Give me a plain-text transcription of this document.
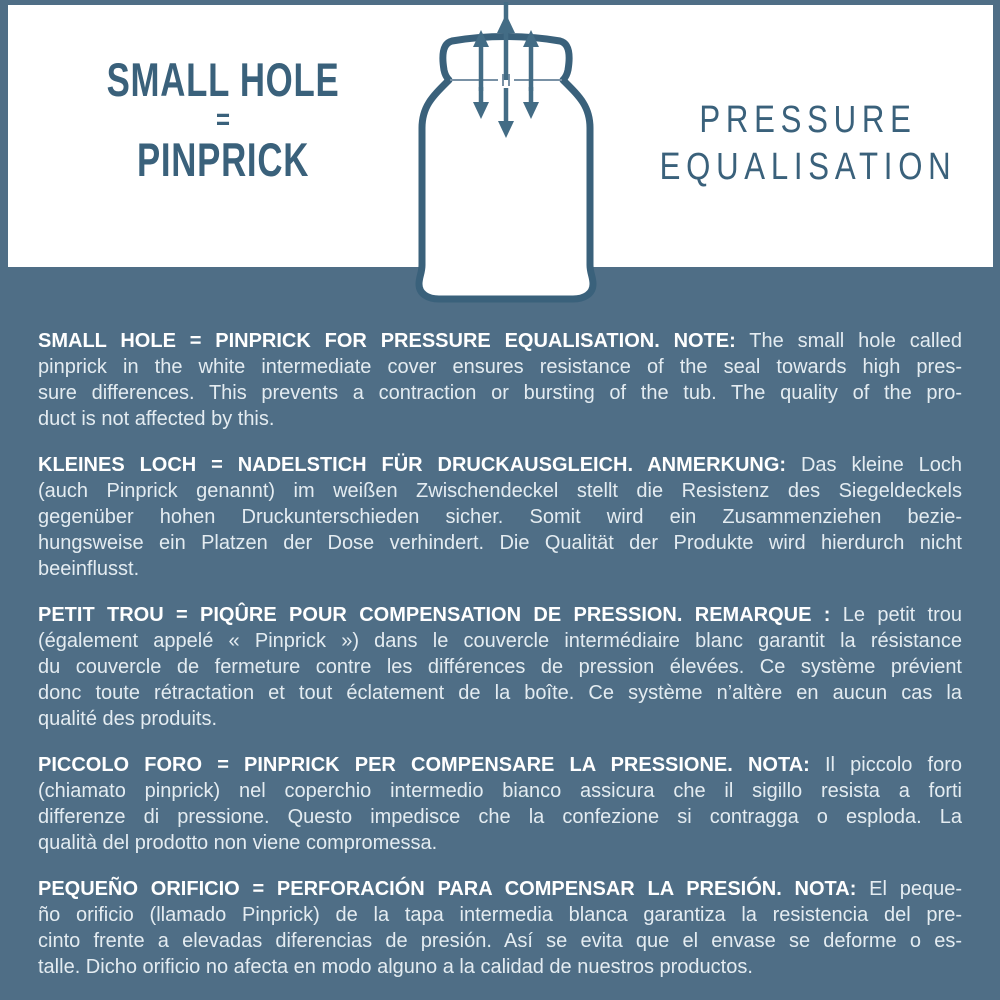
SMALL HOLE
=
PINPRICK
PRESSURE
EQUALISATION
SMALL HOLE = PINPRICK FOR PRESSURE EQUALISATION. NOTE: The small hole called
pinprick in the white intermediate cover ensures resistance of the seal towards high pres-
sure differences. This prevents a contraction or bursting of the tub. The quality of the pro-
duct is not affected by this.
KLEINES LOCH = NADELSTICH FÜR DRUCKAUSGLEICH. ANMERKUNG: Das kleine Loch
(auch Pinprick genannt) im weißen Zwischendeckel stellt die Resistenz des Siegeldeckels
gegenüber hohen Druckunterschieden sicher. Somit wird ein Zusammenziehen bezie-
hungsweise ein Platzen der Dose verhindert. Die Qualität der Produkte wird hierdurch nicht
beeinflusst.
PETIT TROU = PIQÛRE POUR COMPENSATION DE PRESSION. REMARQUE : Le petit trou
(également appelé « Pinprick ») dans le couvercle intermédiaire blanc garantit la résistance
du couvercle de fermeture contre les différences de pression élevées. Ce système prévient
donc toute rétractation et tout éclatement de la boîte. Ce système n’altère en aucun cas la
qualité des produits.
PICCOLO FORO = PINPRICK PER COMPENSARE LA PRESSIONE. NOTA: Il piccolo foro
(chiamato pinprick) nel coperchio intermedio bianco assicura che il sigillo resista a forti
differenze di pressione. Questo impedisce che la confezione si contragga o esploda. La
qualità del prodotto non viene compromessa.
PEQUEÑO ORIFICIO = PERFORACIÓN PARA COMPENSAR LA PRESIÓN. NOTA: El peque-
ño orificio (llamado Pinprick) de la tapa intermedia blanca garantiza la resistencia del pre-
cinto frente a elevadas diferencias de presión. Así se evita que el envase se deforme o es-
talle. Dicho orificio no afecta en modo alguno a la calidad de nuestros productos.
